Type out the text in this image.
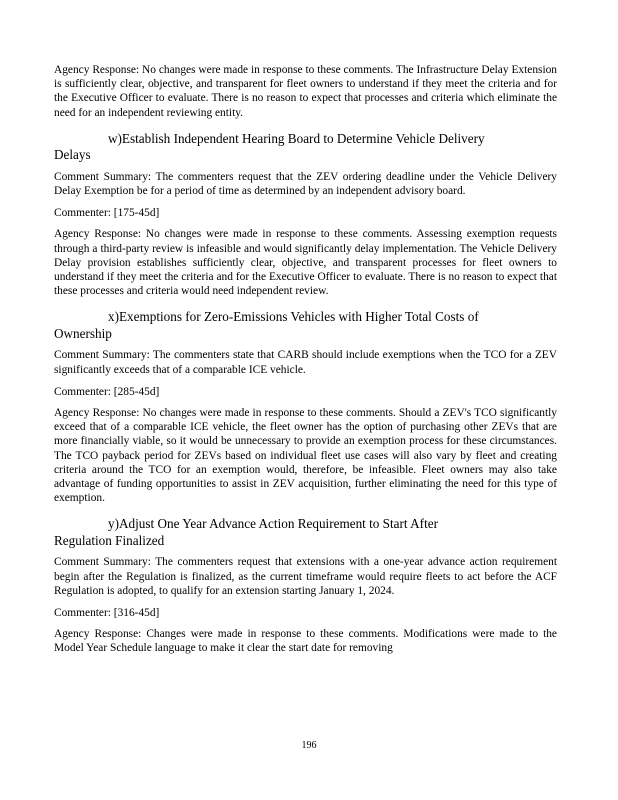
Agency Response: No changes were made in response to these comments. The Infrastructure Delay Extension is sufficiently clear, objective, and transparent for fleet owners to understand if they meet the criteria and for the Executive Officer to evaluate. There is no reason to expect that processes and criteria which eliminate the need for an independent reviewing entity.

w)Establish Independent Hearing Board to Determine Vehicle Delivery
Delays

Comment Summary: The commenters request that the ZEV ordering deadline under the Vehicle Delivery Delay Exemption be for a period of time as determined by an independent advisory board.

Commenter: [175-45d]

Agency Response: No changes were made in response to these comments. Assessing exemption requests through a third-party review is infeasible and would significantly delay implementation. The Vehicle Delivery Delay provision establishes sufficiently clear, objective, and transparent processes for fleet owners to understand if they meet the criteria and for the Executive Officer to evaluate. There is no reason to expect that these processes and criteria would need independent review.

x)Exemptions for Zero-Emissions Vehicles with Higher Total Costs of
Ownership

Comment Summary: The commenters state that CARB should include exemptions when the TCO for a ZEV significantly exceeds that of a comparable ICE vehicle.

Commenter: [285-45d]

Agency Response: No changes were made in response to these comments. Should a ZEV's TCO significantly exceed that of a comparable ICE vehicle, the fleet owner has the option of purchasing other ZEVs that are more financially viable, so it would be unnecessary to provide an exemption process for these circumstances. The TCO payback period for ZEVs based on individual fleet use cases will also vary by fleet and creating criteria around the TCO for an exemption would, therefore, be infeasible. Fleet owners may also take advantage of funding opportunities to assist in ZEV acquisition, further eliminating the need for this type of exemption.

y)Adjust One Year Advance Action Requirement to Start After
Regulation Finalized

Comment Summary: The commenters request that extensions with a one-year advance action requirement begin after the Regulation is finalized, as the current timeframe would require fleets to act before the ACF Regulation is adopted, to qualify for an extension starting January 1, 2024.

Commenter: [316-45d]

Agency Response: Changes were made in response to these comments. Modifications were made to the Model Year Schedule language to make it clear the start date for removing

196
